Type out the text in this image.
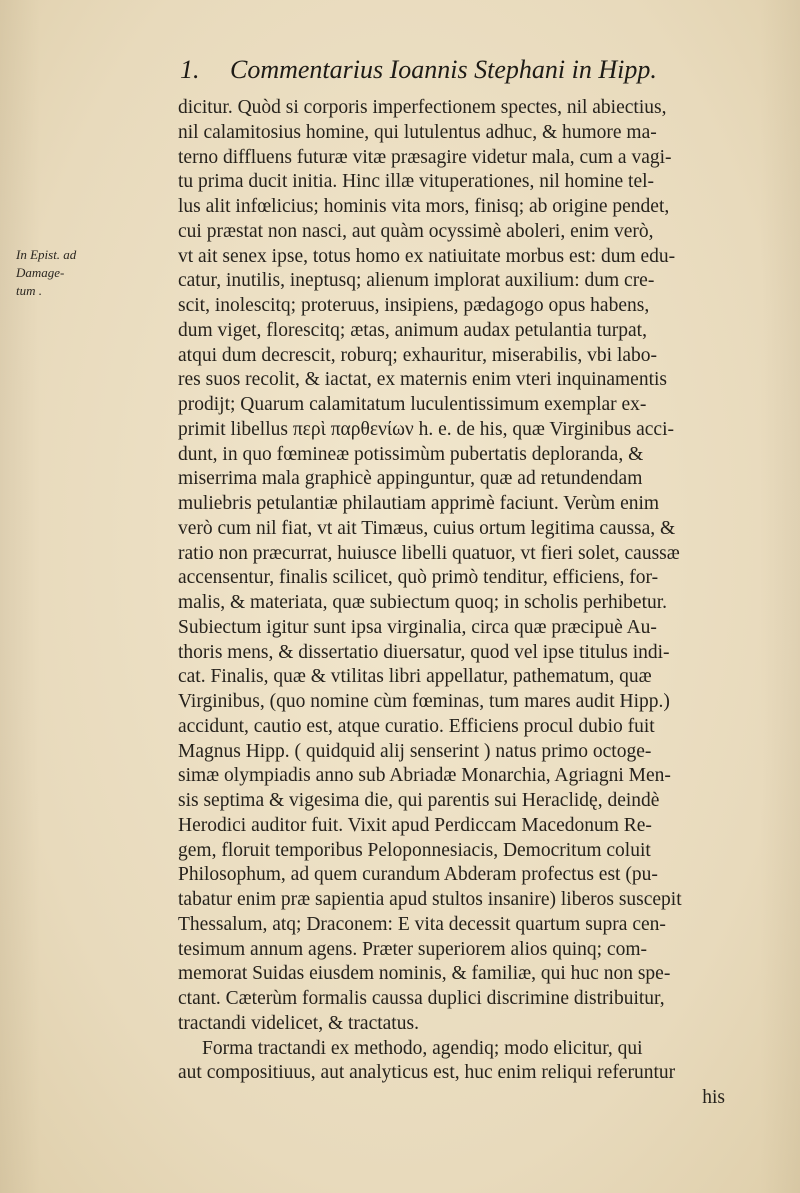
1. Commentarius Ioannis Stephani in Hipp.
In Epist. ad
Damage-
tum .
dicitur. Quòd si corporis imperfectionem spectes, nil abiectius,
nil calamitosius homine, qui lutulentus adhuc, & humore ma-
terno diffluens futuræ vitæ præsagire videtur mala, cum a vagi-
tu prima ducit initia. Hinc illæ vituperationes, nil homine tel-
lus alit infœlicius; hominis vita mors, finisq; ab origine pendet,
cui præstat non nasci, aut quàm ocyssimè aboleri, enim verò,
vt ait senex ipse, totus homo ex natiuitate morbus est: dum edu-
catur, inutilis, ineptusq; alienum implorat auxilium: dum cre-
scit, inolescitq; proteruus, insipiens, pædagogo opus habens,
dum viget, florescitq; ætas, animum audax petulantia turpat,
atqui dum decrescit, roburq; exhauritur, miserabilis, vbi labo-
res suos recolit, & iactat, ex maternis enim vteri inquinamentis
prodijt; Quarum calamitatum luculentissimum exemplar ex-
primit libellus περὶ παρθενίων h. e. de his, quæ Virginibus acci-
dunt, in quo fœmineæ potissimùm pubertatis deploranda, &
miserrima mala graphicè appinguntur, quæ ad retundendam
muliebris petulantiæ philautiam apprimè faciunt. Verùm enim
verò cum nil fiat, vt ait Timæus, cuius ortum legitima caussa, &
ratio non præcurrat, huiusce libelli quatuor, vt fieri solet, caussæ
accensentur, finalis scilicet, quò primò tenditur, efficiens, for-
malis, & materiata, quæ subiectum quoq; in scholis perhibetur.
Subiectum igitur sunt ipsa virginalia, circa quæ præcipuè Au-
thoris mens, & dissertatio diuersatur, quod vel ipse titulus indi-
cat. Finalis, quæ & vtilitas libri appellatur, pathematum, quæ
Virginibus, (quo nomine cùm fœminas, tum mares audit Hipp.)
accidunt, cautio est, atque curatio. Efficiens procul dubio fuit
Magnus Hipp. ( quidquid alij senserint ) natus primo octoge-
simæ olympiadis anno sub Abriadæ Monarchia, Agriagni Men-
sis septima & vigesima die, qui parentis sui Heraclidę, deindè
Herodici auditor fuit. Vixit apud Perdiccam Macedonum Re-
gem, floruit temporibus Peloponnesiacis, Democritum coluit
Philosophum, ad quem curandum Abderam profectus est (pu-
tabatur enim præ sapientia apud stultos insanire) liberos suscepit
Thessalum, atq; Draconem: E vita decessit quartum supra cen-
tesimum annum agens. Præter superiorem alios quinq; com-
memorat Suidas eiusdem nominis, & familiæ, qui huc non spe-
ctant. Cæterùm formalis caussa duplici discrimine distribuitur,
tractandi videlicet, & tractatus.
Forma tractandi ex methodo, agendiq; modo elicitur, qui
aut compositiuus, aut analyticus est, huc enim reliqui referuntur
his
